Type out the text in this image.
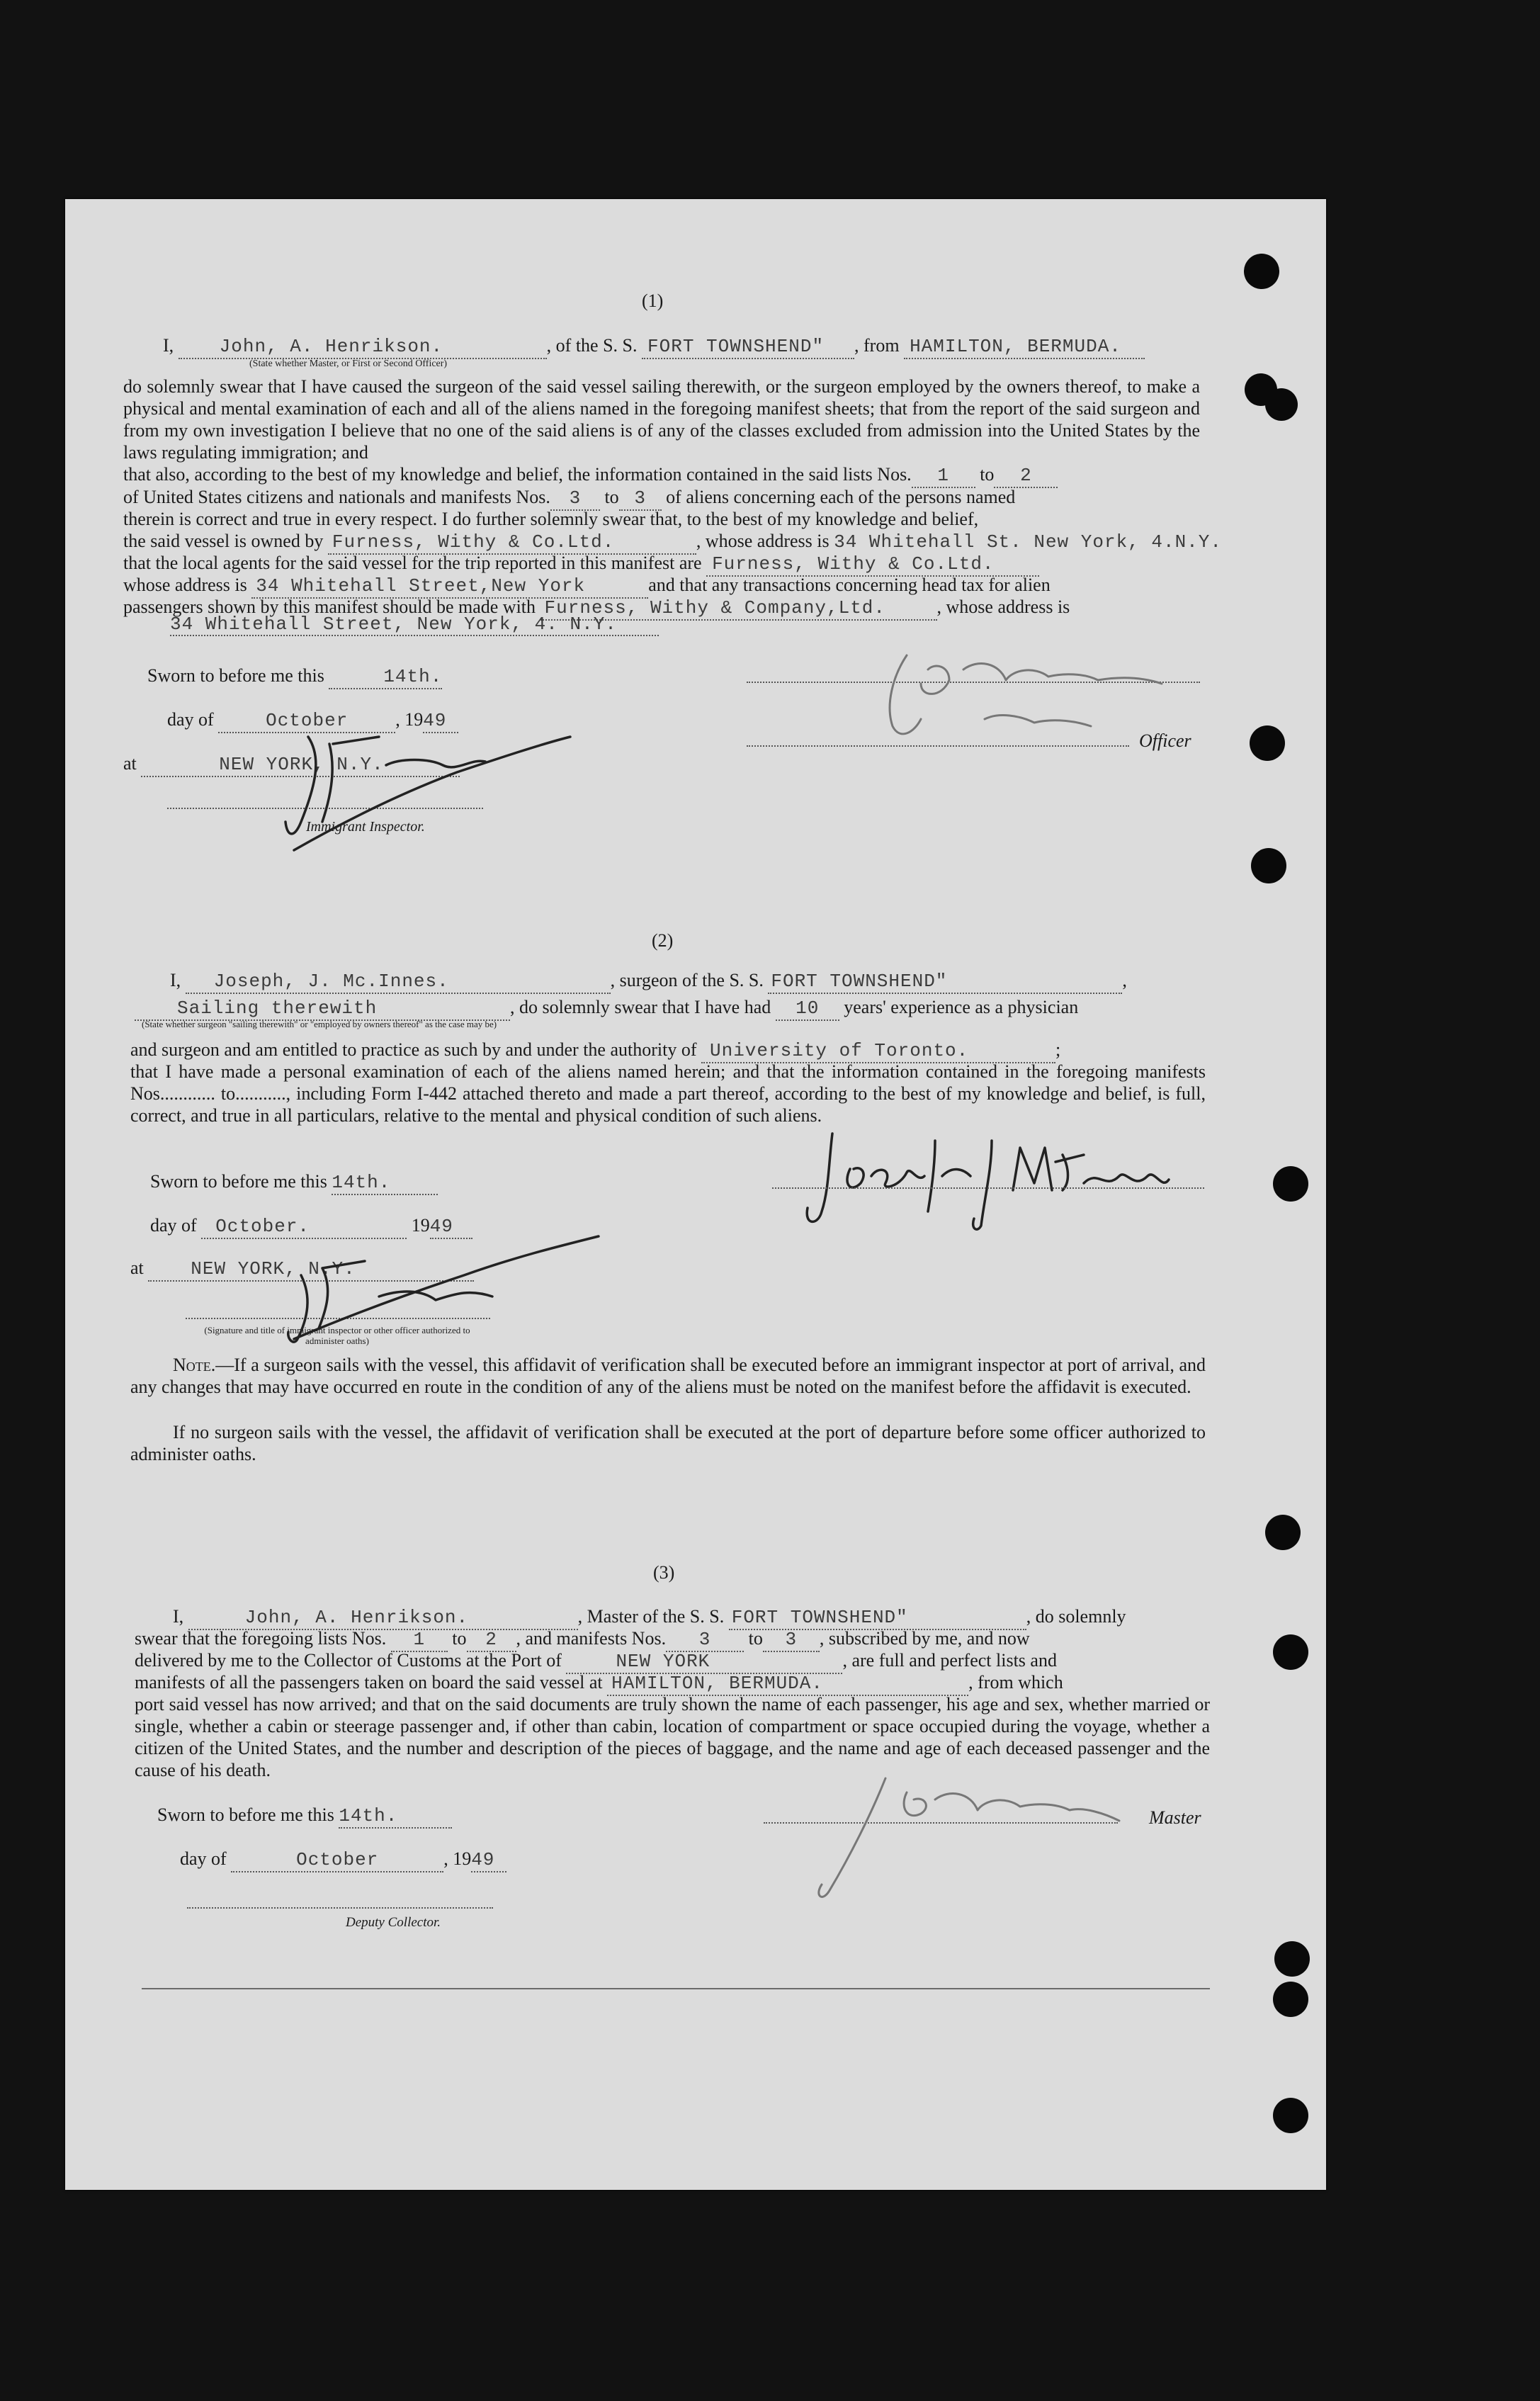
(1)
I, John, A. Henrikson.	, of the S. S. FORT TOWNSHEND" , from HAMILTON, BERMUDA.
(State whether Master, or First or Second Officer)
do solemnly swear that I have caused the surgeon of the said vessel sailing therewith, or the surgeon employed by the owners thereof, to make a physical and mental examination of each and all of the aliens named in the foregoing manifest sheets; that from the report of the said surgeon and from my own investigation I believe that no one of the said aliens is of any of the classes excluded from admission into the United States by the laws regulating immigration; and
that also, according to the best of my knowledge and belief, the information contained in the said lists Nos. 1 to 2
of United States citizens and nationals and manifests Nos. 3 to 3 of aliens concerning each of the persons named
therein is correct and true in every respect. I do further solemnly swear that, to the best of my knowledge and belief,
the said vessel is owned by Furness, Withy & Co.Ltd.	, whose address is 34 Whitehall St. New York, 4.N.Y.
that the local agents for the said vessel for the trip reported in this manifest are Furness, Withy & Co.Ltd.
whose address is 34 Whitehall Street,New York	and that any transactions concerning head tax for alien
passengers shown by this manifest should be made with Furness, Withy & Company,Ltd.	, whose address is
34 Whitehall Street, New York, 4. N.Y.
Sworn to before me this	14th.
day of	October	, 1949
at	NEW YORK, N.Y.
Immigrant Inspector.
Officer
(2)
I, Joseph, J. Mc.Innes.	, surgeon of the S. S. FORT TOWNSHEND"	,
Sailing therewith	, do solemnly swear that I have had 10 years' experience as a physician
(State whether surgeon "sailing therewith" or "employed by owners thereof" as the case may be)
and surgeon and am entitled to practice as such by and under the authority of University of Toronto.	;
that I have made a personal examination of each of the aliens named herein; and that the information contained in the foregoing manifests Nos............ to..........., including Form I-442 attached thereto and made a part thereof, according to the best of my knowledge and belief, is full, correct, and true in all particulars, relative to the mental and physical condition of such aliens.
Sworn to before me this 14th.
day of October.	1949
at	NEW YORK, N.Y.
(Signature and title of immigrant inspector or other officer authorized to administer oaths)
Note.—If a surgeon sails with the vessel, this affidavit of verification shall be executed before an immigrant inspector at port of arrival, and any changes that may have occurred en route in the condition of any of the aliens must be noted on the manifest before the affidavit is executed.
If no surgeon sails with the vessel, the affidavit of verification shall be executed at the port of departure before some officer authorized to administer oaths.
(3)
I,	John, A. Henrikson.	, Master of the S. S. FORT TOWNSHEND"	, do solemnly
swear that the foregoing lists Nos. 1 to 2 , and manifests Nos. 3 to 3 , subscribed by me, and now
delivered by me to the Collector of Customs at the Port of	NEW YORK	, are full and perfect lists and
manifests of all the passengers taken on board the said vessel at HAMILTON, BERMUDA.	, from which
port said vessel has now arrived; and that on the said documents are truly shown the name of each passenger, his age and sex, whether married or single, whether a cabin or steerage passenger and, if other than cabin, location of compartment or space occupied during the voyage, whether a citizen of the United States, and the number and description of the pieces of baggage, and the name and age of each deceased passenger and the cause of his death.
Sworn to before me this 14th.
day of	October	, 1949
Deputy Collector.
Master
